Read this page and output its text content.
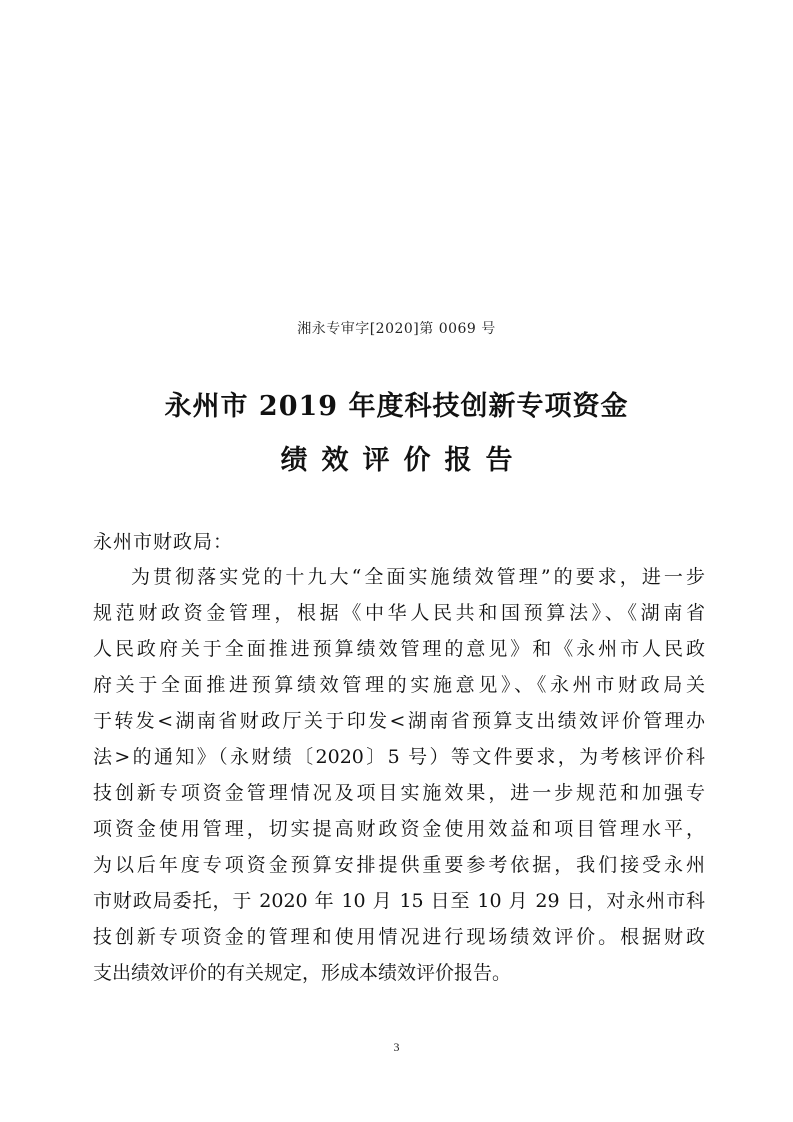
湘永专审字[2020]第 0069 号
永州市 2019 年度科技创新专项资金
绩效评价报告
永州市财政局：
为贯彻落实党的十九大“全面实施绩效管理”的要求，进一步
规范财政资金管理，根据《中华人民共和国预算法》、《湖南省
人民政府关于全面推进预算绩效管理的意见》和《永州市人民政
府关于全面推进预算绩效管理的实施意见》、《永州市财政局关
于转发<湖南省财政厅关于印发<湖南省预算支出绩效评价管理办
法>的通知》（永财绩〔2020〕5 号）等文件要求，为考核评价科
技创新专项资金管理情况及项目实施效果，进一步规范和加强专
项资金使用管理，切实提高财政资金使用效益和项目管理水平，
为以后年度专项资金预算安排提供重要参考依据，我们接受永州
市财政局委托，于 2020 年 10 月 15 日至 10 月 29 日，对永州市科
技创新专项资金的管理和使用情况进行现场绩效评价。根据财政
支出绩效评价的有关规定，形成本绩效评价报告。
3
